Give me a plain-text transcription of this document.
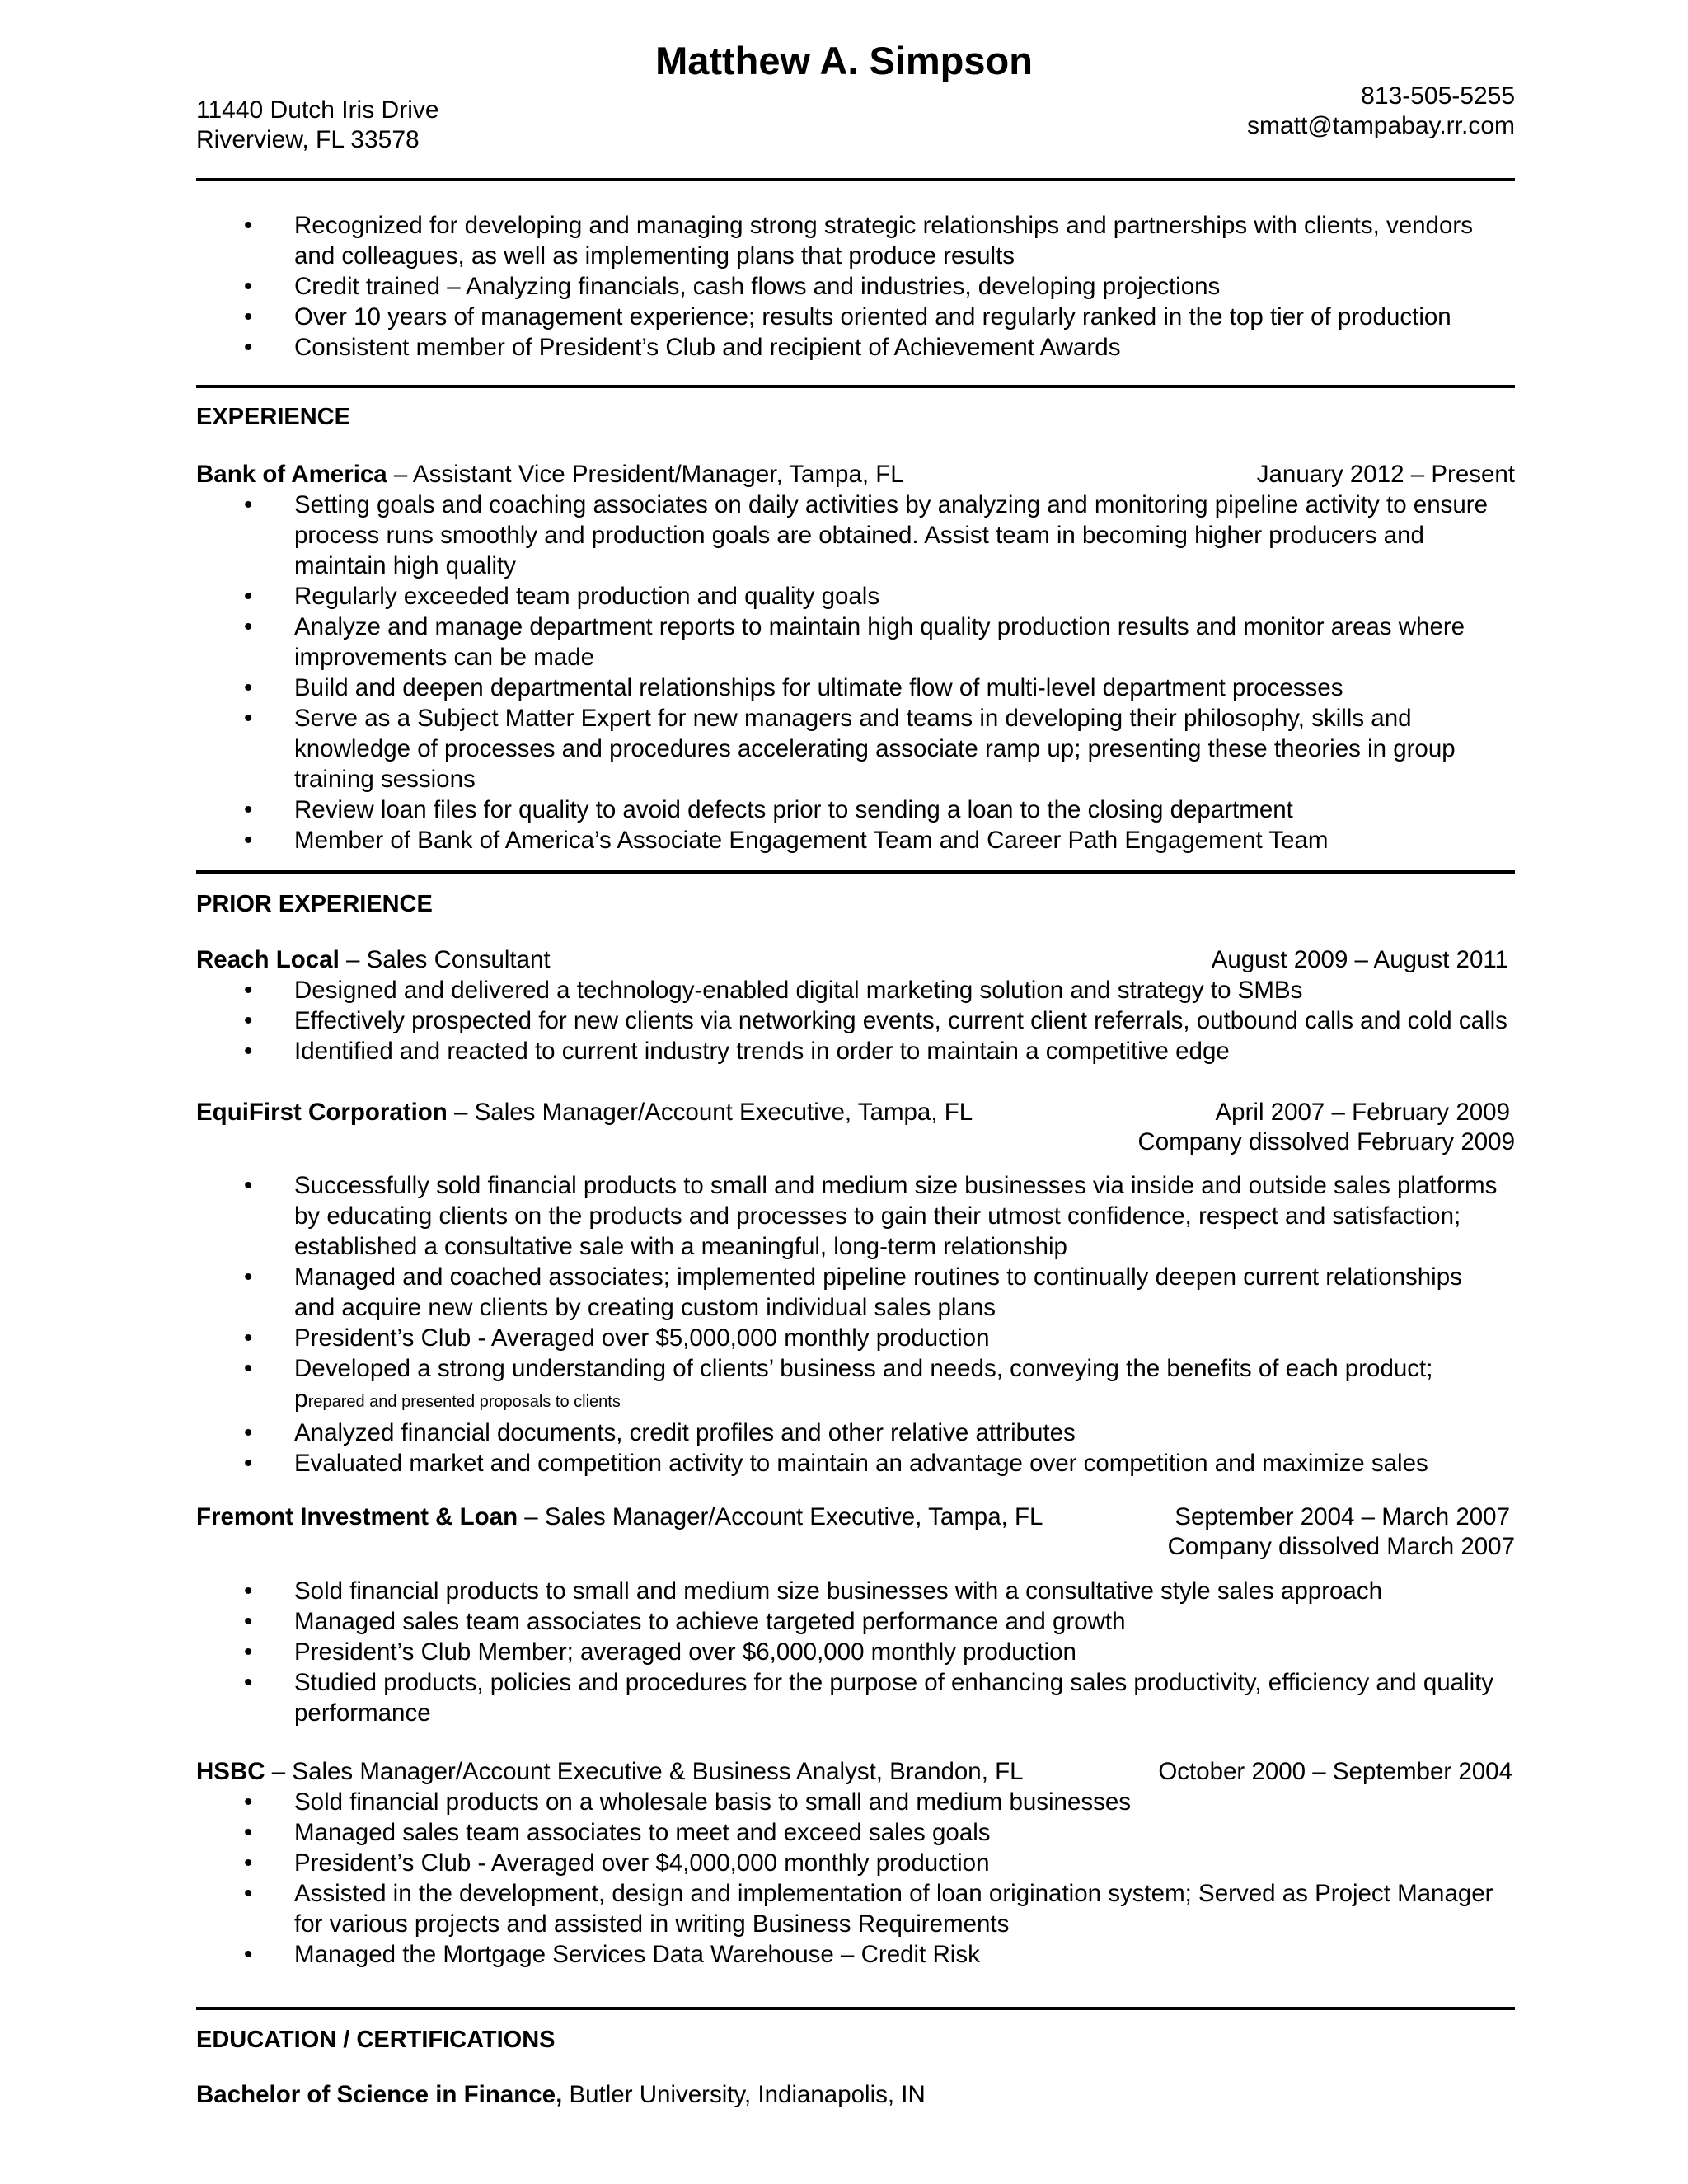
Matthew A. Simpson
11440 Dutch Iris Drive
Riverview, FL 33578
813-505-5255
smatt@tampabay.rr.com
• Recognized for developing and managing strong strategic relationships and partnerships with clients, vendors
and colleagues, as well as implementing plans that produce results
• Credit trained – Analyzing financials, cash flows and industries, developing projections
• Over 10 years of management experience; results oriented and regularly ranked in the top tier of production
• Consistent member of President’s Club and recipient of Achievement Awards
EXPERIENCE
Bank of America – Assistant Vice President/Manager, Tampa, FL	January 2012 – Present
• Setting goals and coaching associates on daily activities by analyzing and monitoring pipeline activity to ensure
process runs smoothly and production goals are obtained. Assist team in becoming higher producers and
maintain high quality
• Regularly exceeded team production and quality goals
• Analyze and manage department reports to maintain high quality production results and monitor areas where
improvements can be made
• Build and deepen departmental relationships for ultimate flow of multi-level department processes
• Serve as a Subject Matter Expert for new managers and teams in developing their philosophy, skills and
knowledge of processes and procedures accelerating associate ramp up; presenting these theories in group
training sessions
• Review loan files for quality to avoid defects prior to sending a loan to the closing department
• Member of Bank of America’s Associate Engagement Team and Career Path Engagement Team
PRIOR EXPERIENCE
Reach Local – Sales Consultant	August 2009 – August 2011
• Designed and delivered a technology-enabled digital marketing solution and strategy to SMBs
• Effectively prospected for new clients via networking events, current client referrals, outbound calls and cold calls
• Identified and reacted to current industry trends in order to maintain a competitive edge
EquiFirst Corporation – Sales Manager/Account Executive, Tampa, FL	April 2007 – February 2009
Company dissolved February 2009
• Successfully sold financial products to small and medium size businesses via inside and outside sales platforms
by educating clients on the products and processes to gain their utmost confidence, respect and satisfaction;
established a consultative sale with a meaningful, long-term relationship
• Managed and coached associates; implemented pipeline routines to continually deepen current relationships
and acquire new clients by creating custom individual sales plans
• President’s Club - Averaged over $5,000,000 monthly production
• Developed a strong understanding of clients’ business and needs, conveying the benefits of each product;
prepared and presented proposals to clients
• Analyzed financial documents, credit profiles and other relative attributes
• Evaluated market and competition activity to maintain an advantage over competition and maximize sales
Fremont Investment & Loan – Sales Manager/Account Executive, Tampa, FL	September 2004 – March 2007
Company dissolved March 2007
• Sold financial products to small and medium size businesses with a consultative style sales approach
• Managed sales team associates to achieve targeted performance and growth
• President’s Club Member; averaged over $6,000,000 monthly production
• Studied products, policies and procedures for the purpose of enhancing sales productivity, efficiency and quality
performance
HSBC – Sales Manager/Account Executive & Business Analyst, Brandon, FL	October 2000 – September 2004
• Sold financial products on a wholesale basis to small and medium businesses
• Managed sales team associates to meet and exceed sales goals
• President’s Club - Averaged over $4,000,000 monthly production
• Assisted in the development, design and implementation of loan origination system; Served as Project Manager
for various projects and assisted in writing Business Requirements
• Managed the Mortgage Services Data Warehouse – Credit Risk
EDUCATION / CERTIFICATIONS
Bachelor of Science in Finance, Butler University, Indianapolis, IN
